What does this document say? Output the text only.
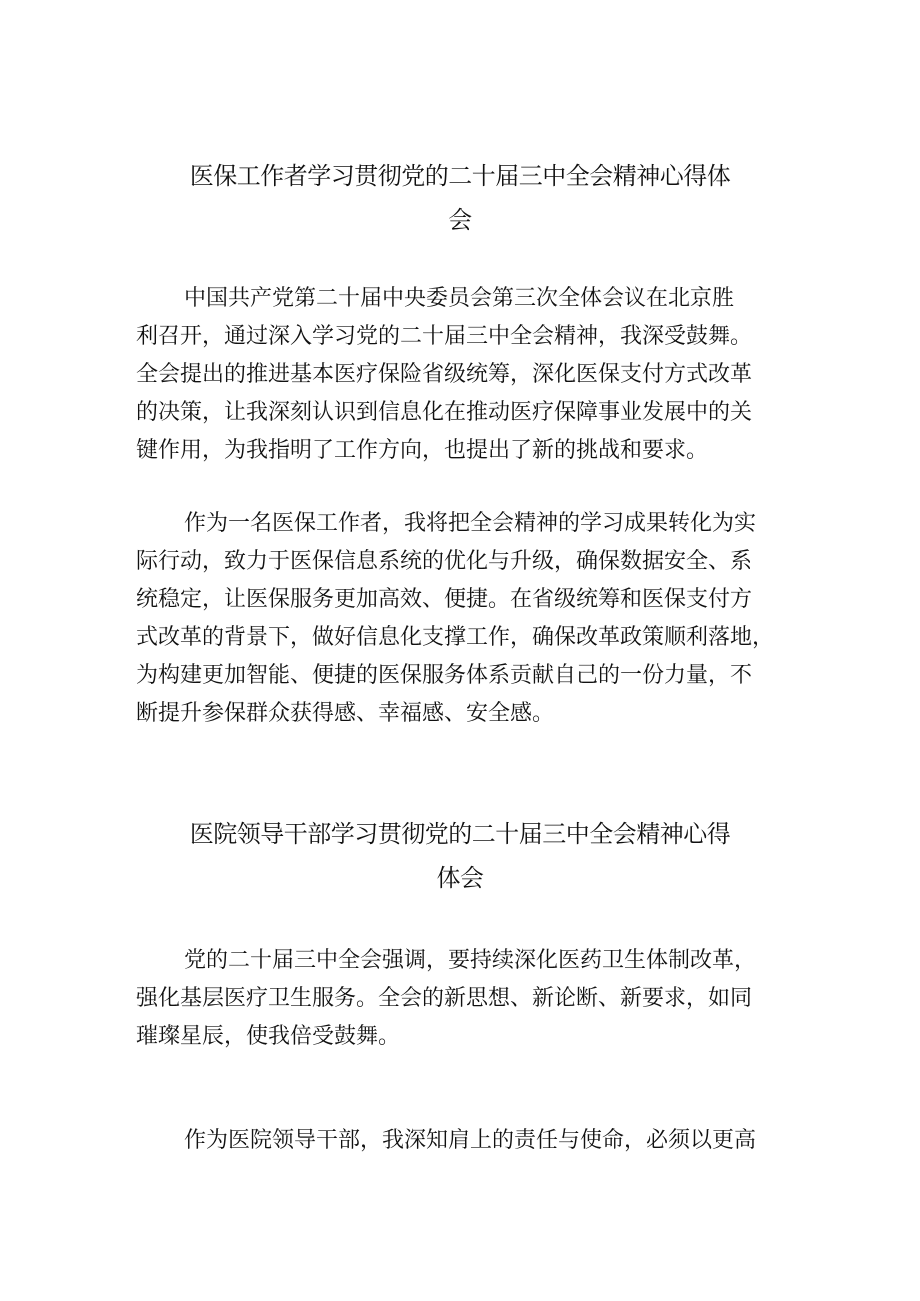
医保工作者学习贯彻党的二十届三中全会精神心得体
会
中国共产党第二十届中央委员会第三次全体会议在北京胜
利召开，通过深入学习党的二十届三中全会精神，我深受鼓舞。
全会提出的推进基本医疗保险省级统筹，深化医保支付方式改革
的决策，让我深刻认识到信息化在推动医疗保障事业发展中的关
键作用，为我指明了工作方向，也提出了新的挑战和要求。
作为一名医保工作者，我将把全会精神的学习成果转化为实
际行动，致力于医保信息系统的优化与升级，确保数据安全、系
统稳定，让医保服务更加高效、便捷。在省级统筹和医保支付方
式改革的背景下，做好信息化支撑工作，确保改革政策顺利落地，
为构建更加智能、便捷的医保服务体系贡献自己的一份力量，不
断提升参保群众获得感、幸福感、安全感。
医院领导干部学习贯彻党的二十届三中全会精神心得
体会
党的二十届三中全会强调，要持续深化医药卫生体制改革，
强化基层医疗卫生服务。全会的新思想、新论断、新要求，如同
璀璨星辰，使我倍受鼓舞。
作为医院领导干部，我深知肩上的责任与使命，必须以更高
